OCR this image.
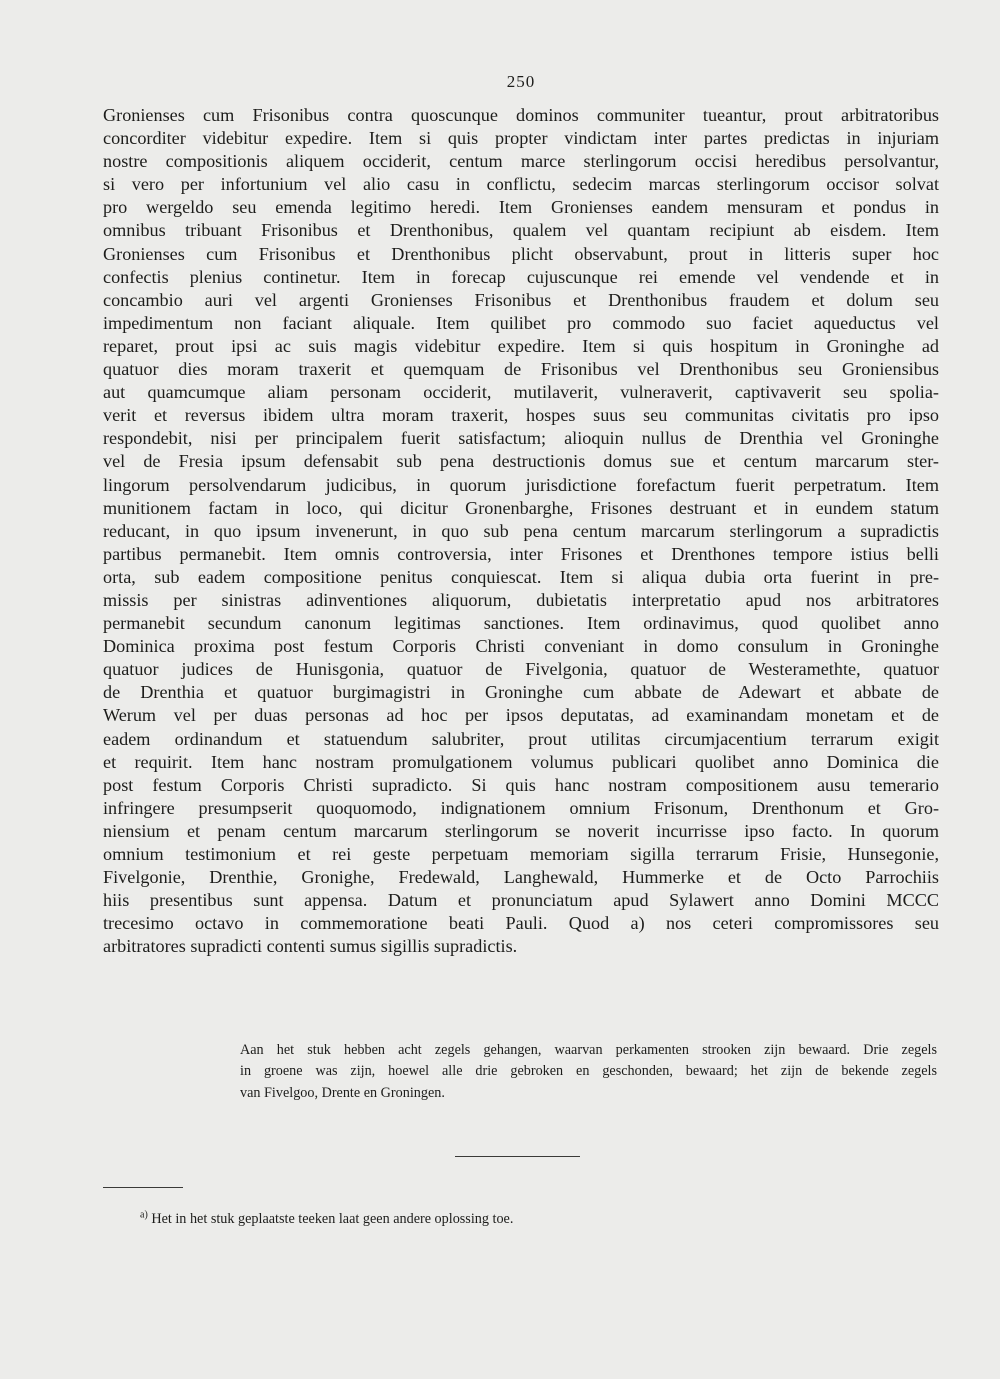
250
Gronienses cum Frisonibus contra quoscunque dominos communiter tueantur, prout arbitratoribus
concorditer videbitur expedire. Item si quis propter vindictam inter partes predictas in injuriam
nostre compositionis aliquem occiderit, centum marce sterlingorum occisi heredibus persolvantur,
si vero per infortunium vel alio casu in conflictu, sedecim marcas sterlingorum occisor solvat
pro wergeldo seu emenda legitimo heredi. Item Gronienses eandem mensuram et pondus in
omnibus tribuant Frisonibus et Drenthonibus, qualem vel quantam recipiunt ab eisdem. Item
Gronienses cum Frisonibus et Drenthonibus plicht observabunt, prout in litteris super hoc
confectis plenius continetur. Item in forecap cujuscunque rei emende vel vendende et in
concambio auri vel argenti Gronienses Frisonibus et Drenthonibus fraudem et dolum seu
impedimentum non faciant aliquale. Item quilibet pro commodo suo faciet aqueductus vel
reparet, prout ipsi ac suis magis videbitur expedire. Item si quis hospitum in Groninghe ad
quatuor dies moram traxerit et quemquam de Frisonibus vel Drenthonibus seu Groniensibus
aut quamcumque aliam personam occiderit, mutilaverit, vulneraverit, captivaverit seu spolia-
verit et reversus ibidem ultra moram traxerit, hospes suus seu communitas civitatis pro ipso
respondebit, nisi per principalem fuerit satisfactum; alioquin nullus de Drenthia vel Groninghe
vel de Fresia ipsum defensabit sub pena destructionis domus sue et centum marcarum ster-
lingorum persolvendarum judicibus, in quorum jurisdictione forefactum fuerit perpetratum. Item
munitionem factam in loco, qui dicitur Gronenbarghe, Frisones destruant et in eundem statum
reducant, in quo ipsum invenerunt, in quo sub pena centum marcarum sterlingorum a supradictis
partibus permanebit. Item omnis controversia, inter Frisones et Drenthones tempore istius belli
orta, sub eadem compositione penitus conquiescat. Item si aliqua dubia orta fuerint in pre-
missis per sinistras adinventiones aliquorum, dubietatis interpretatio apud nos arbitratores
permanebit secundum canonum legitimas sanctiones. Item ordinavimus, quod quolibet anno
Dominica proxima post festum Corporis Christi conveniant in domo consulum in Groninghe
quatuor judices de Hunisgonia, quatuor de Fivelgonia, quatuor de Westeramethte, quatuor
de Drenthia et quatuor burgimagistri in Groninghe cum abbate de Adewart et abbate de
Werum vel per duas personas ad hoc per ipsos deputatas, ad examinandam monetam et de
eadem ordinandum et statuendum salubriter, prout utilitas circumjacentium terrarum exigit
et requirit. Item hanc nostram promulgationem volumus publicari quolibet anno Dominica die
post festum Corporis Christi supradicto. Si quis hanc nostram compositionem ausu temerario
infringere presumpserit quoquomodo, indignationem omnium Frisonum, Drenthonum et Gro-
niensium et penam centum marcarum sterlingorum se noverit incurrisse ipso facto. In quorum
omnium testimonium et rei geste perpetuam memoriam sigilla terrarum Frisie, Hunsegonie,
Fivelgonie, Drenthie, Gronighe, Fredewald, Langhewald, Hummerke et de Octo Parrochiis
hiis presentibus sunt appensa. Datum et pronunciatum apud Sylawert anno Domini MCCC
trecesimo octavo in commemoratione beati Pauli. Quod a) nos ceteri compromissores seu
arbitratores supradicti contenti sumus sigillis supradictis.
Aan het stuk hebben acht zegels gehangen, waarvan perkamenten strooken zijn bewaard. Drie zegels
in groene was zijn, hoewel alle drie gebroken en geschonden, bewaard; het zijn de bekende zegels
van Fivelgoo, Drente en Groningen.
$^{a)}$ Het in het stuk geplaatste teeken laat geen andere oplossing toe.
